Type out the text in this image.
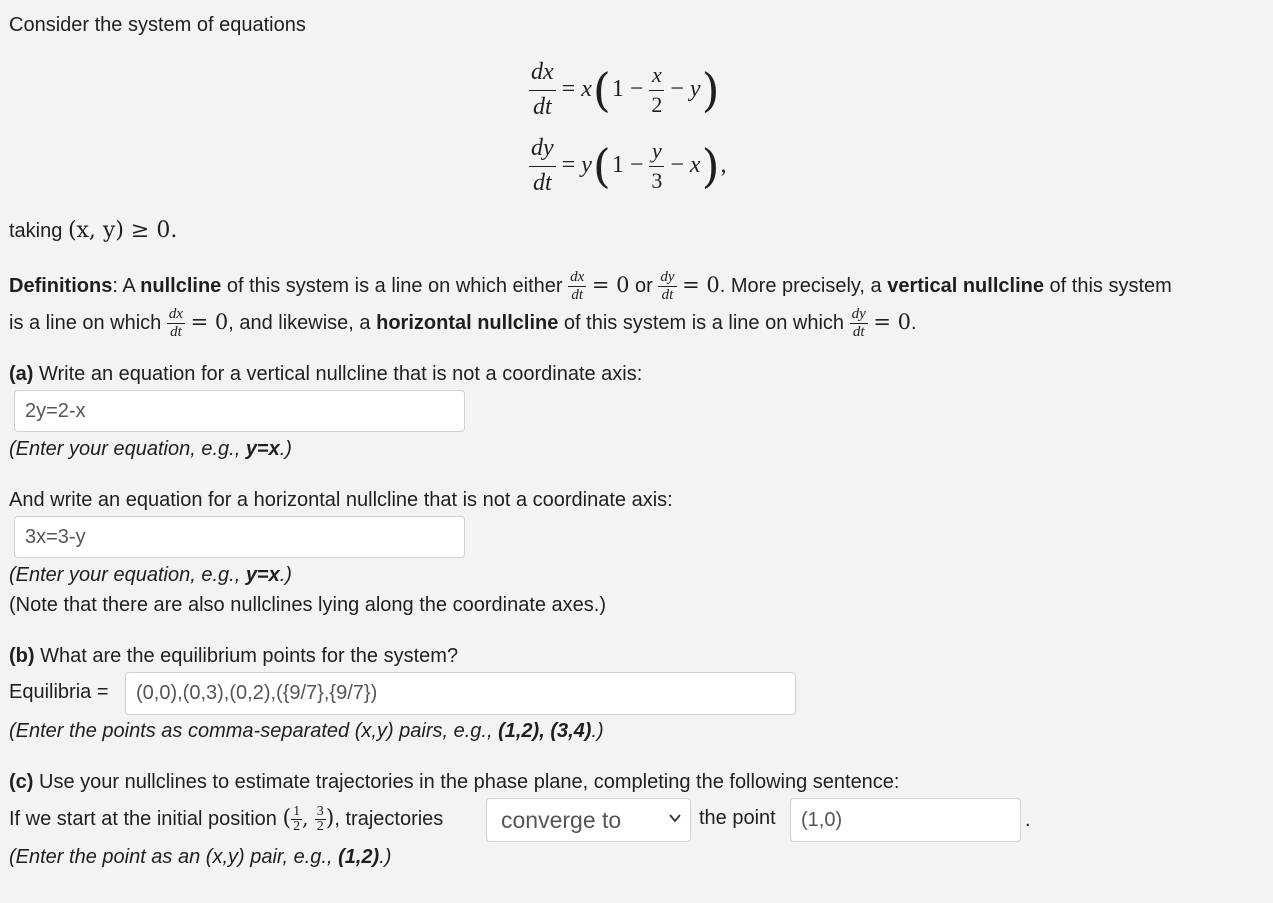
Consider the system of equations

$\frac{dx}{dt} = x$ ( $1 - \frac{x}{2} - y$ )
$\frac{dy}{dt} = y$ ( $1 - \frac{y}{3} - x$ ) ,

taking (x, y) ≥ 0.

Definitions: A nullcline of this system is a line on which either $\frac{dx}{dt} = 0$ or $\frac{dy}{dt} = 0$. More precisely, a vertical nullcline of this system

is a line on which $\frac{dx}{dt} = 0$, and likewise, a horizontal nullcline of this system is a line on which $\frac{dy}{dt} = 0$.

(a) Write an equation for a vertical nullcline that is not a coordinate axis:

2y=2-x

(Enter your equation, e.g., y=x.)

And write an equation for a horizontal nullcline that is not a coordinate axis:

3x=3-y

(Enter your equation, e.g., y=x.)

(Note that there are also nullclines lying along the coordinate axes.)

(b) What are the equilibrium points for the system?

Equilibria =	(0,0),(0,3),(0,2),({9/7},{9/7})

(Enter the points as comma-separated (x,y) pairs, e.g., (1,2), (3,4).)

(c) Use your nullclines to estimate trajectories in the phase plane, completing the following sentence:

If we start at the initial position ( $\frac{1}{2}$ , $\frac{3}{2}$ ), trajectories	converge to	the point	(1,0)	.

(Enter the point as an (x,y) pair, e.g., (1,2).)
